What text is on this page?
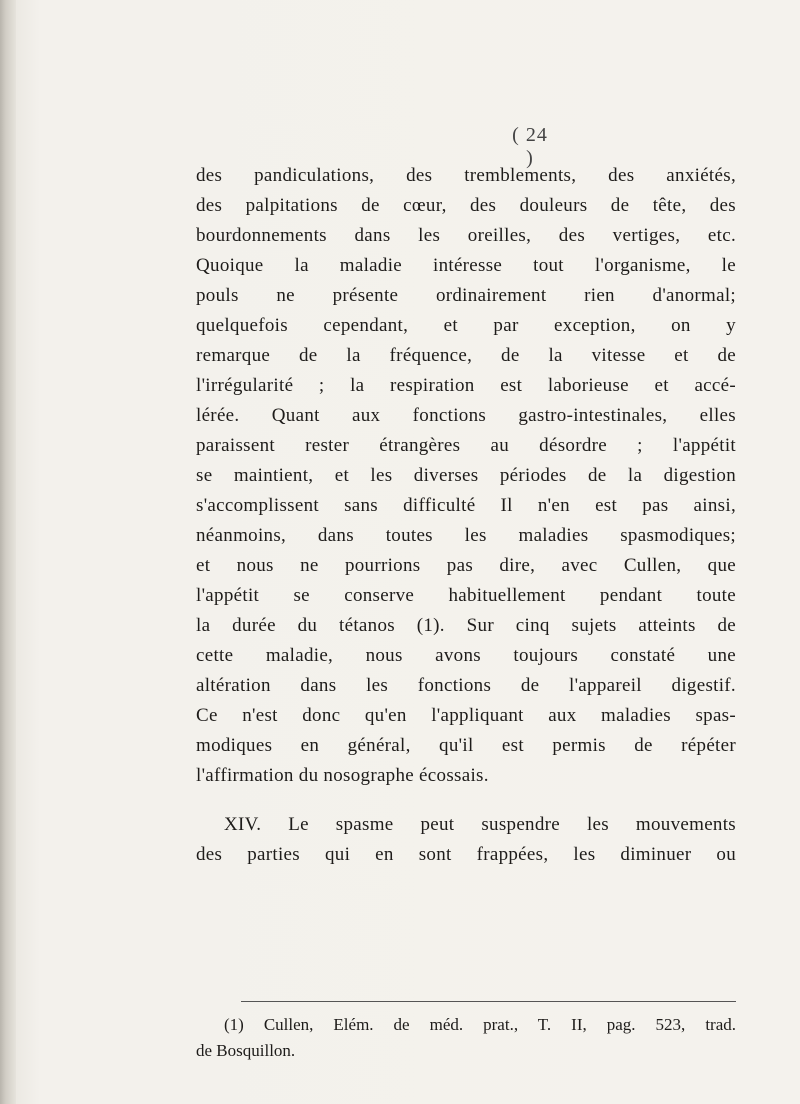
( 24 )
des pandiculations, des tremblements, des anxiétés,
des palpitations de cœur, des douleurs de tête, des
bourdonnements dans les oreilles, des vertiges, etc.
Quoique la maladie intéresse tout l'organisme, le
pouls ne présente ordinairement rien d'anormal;
quelquefois cependant, et par exception, on y
remarque de la fréquence, de la vitesse et de
l'irrégularité ; la respiration est laborieuse et accé-
lérée. Quant aux fonctions gastro-intestinales, elles
paraissent rester étrangères au désordre ; l'appétit
se maintient, et les diverses périodes de la digestion
s'accomplissent sans difficulté Il n'en est pas ainsi,
néanmoins, dans toutes les maladies spasmodiques;
et nous ne pourrions pas dire, avec Cullen, que
l'appétit se conserve habituellement pendant toute
la durée du tétanos (1). Sur cinq sujets atteints de
cette maladie, nous avons toujours constaté une
altération dans les fonctions de l'appareil digestif.
Ce n'est donc qu'en l'appliquant aux maladies spas-
modiques en général, qu'il est permis de répéter
l'affirmation du nosographe écossais.
XIV. Le spasme peut suspendre les mouvements
des parties qui en sont frappées, les diminuer ou
(1) Cullen, Elém. de méd. prat., T. II, pag. 523, trad.
de Bosquillon.
